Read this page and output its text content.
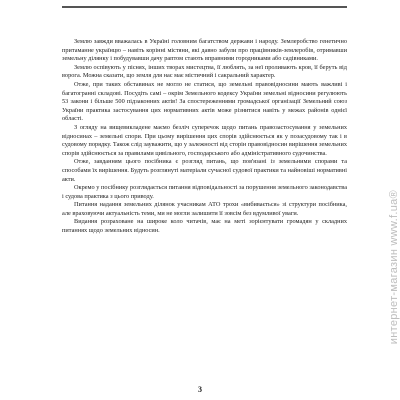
Землю завжди вважалась в Україні головним багатством держави і народу. Землеробство генетично притаманне українцю – навіть корінні містяни, які давно забули про працівників-землеробів, отримавши земельну ділянку і побудувавши дачу раптом стають вправними городниками або садівниками.

Землю оспівують у піснях, інших творах мистецтва, її люблять, за неї проливають кров, її беруть від ворога. Можна сказати, що земля для нас має містичний і сакральний характер.

Отже, при таких обставинах не могло не статися, що земельні правовідносини мають важливі і багатогранні складові. Посудіть самі – окрім Земельного кодексу України земельні відносини регулюють 53 закони і більше 500 підзаконних актів! За спостереженнями громадської організації Земельний союз України практика застосування цих нормативних актів може різнитися навіть у межах районів однієї області.

З огляду на вищевикладене маємо безліч суперечок щодо питань правозастосування у земельних відносинах – земельні спори. При цьому вирішення цих спорів здійснюється як у позасудовому так і в судовому порядку. Також слід зауважити, що у залежності від сторін правовідносин вирішення земельних спорів здійснюється за правилами цивільного, господарського або адміністративного судочинства.

Отже, завданням цього посібника є розгляд питань, що пов'язані із земельними спорами та способами їх вирішення. Будуть розглянуті матеріали сучасної судової практики та найновіші нормативні акти.

Окремо у посібнику розглядається питання відповідальності за порушення земельного законодавства і судова практика з цього приводу.

Питання надання земельних ділянок учасникам АТО трохи «вибивається» зі структури посібника, але враховуючи актуальність теми, ми не могли залишити її зовсім без вдумливої уваги.

Видання розраховане на широке коло читачів, має на меті зорієнтувати громадян у складних питаннях щодо земельних відносин.

3
интернет-магазин www.f.ua®
